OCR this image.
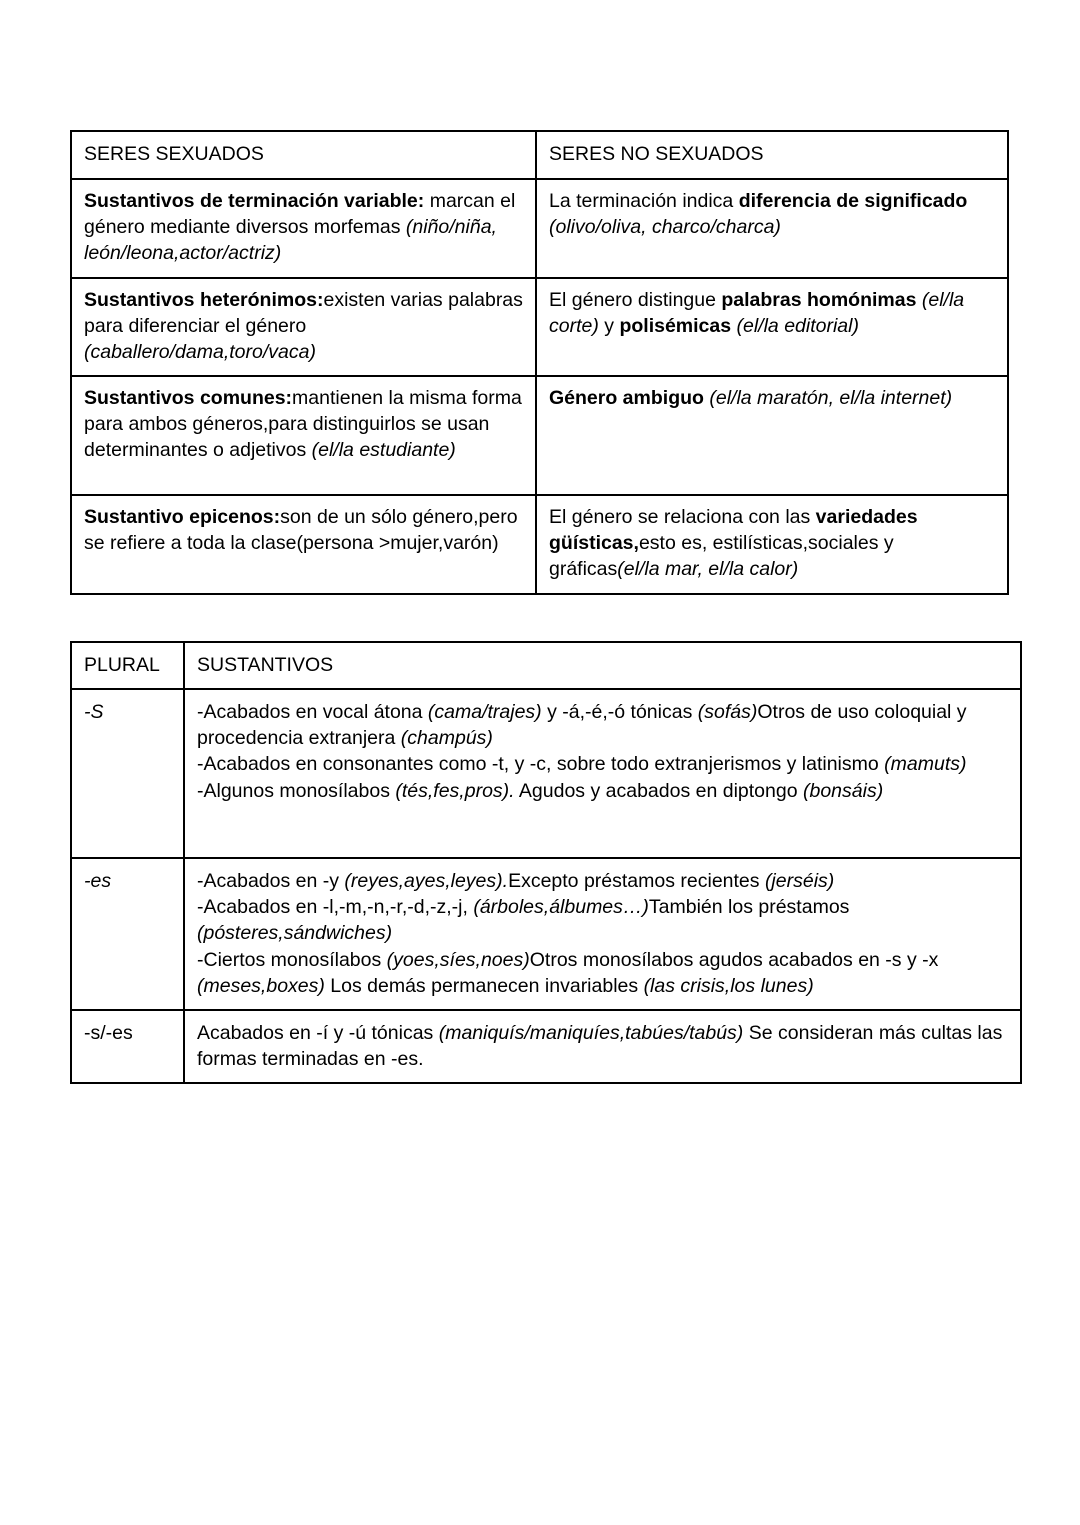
SERES SEXUADOS	SERES NO SEXUADOS
Sustantivos de terminación variable: marcan el género mediante diversos morfemas (niño/niña, león/leona,actor/actriz)	La terminación indica diferencia de significado (olivo/oliva, charco/charca)
Sustantivos heterónimos:existen varias palabras para diferenciar el género (caballero/dama,toro/vaca)	El género distingue palabras homónimas (el/la corte) y polisémicas (el/la editorial)
Sustantivos comunes:mantienen la misma forma para ambos géneros,para distinguirlos se usan determinantes o adjetivos (el/la estudiante)	Género ambiguo (el/la maratón, el/la internet)
Sustantivo epicenos:son de un sólo género,pero se refiere a toda la clase(persona >mujer,varón)	El género se relaciona con las variedades güísticas,esto es, estilísticas,sociales y gráficas(el/la mar, el/la calor)
PLURAL	SUSTANTIVOS
-S	-Acabados en vocal átona (cama/trajes) y -á,-é,-ó tónicas (sofás)Otros de uso coloquial y procedencia extranjera (champús)
-Acabados en consonantes como -t, y -c, sobre todo extranjerismos y latinismo (mamuts)
-Algunos monosílabos (tés,fes,pros). Agudos y acabados en diptongo (bonsáis)

-es	-Acabados en -y (reyes,ayes,leyes).Excepto préstamos recientes (jerséis)
-Acabados en -l,-m,-n,-r,-d,-z,-j, (árboles,álbumes…)También los préstamos (pósteres,sándwiches)
-Ciertos monosílabos (yoes,síes,noes)Otros monosílabos agudos acabados en -s y -x (meses,boxes) Los demás permanecen invariables (las crisis,los lunes)

-s/-es	Acabados en -í y -ú tónicas (maniquís/maniquíes,tabúes/tabús) Se consideran más cultas las formas terminadas en -es.
